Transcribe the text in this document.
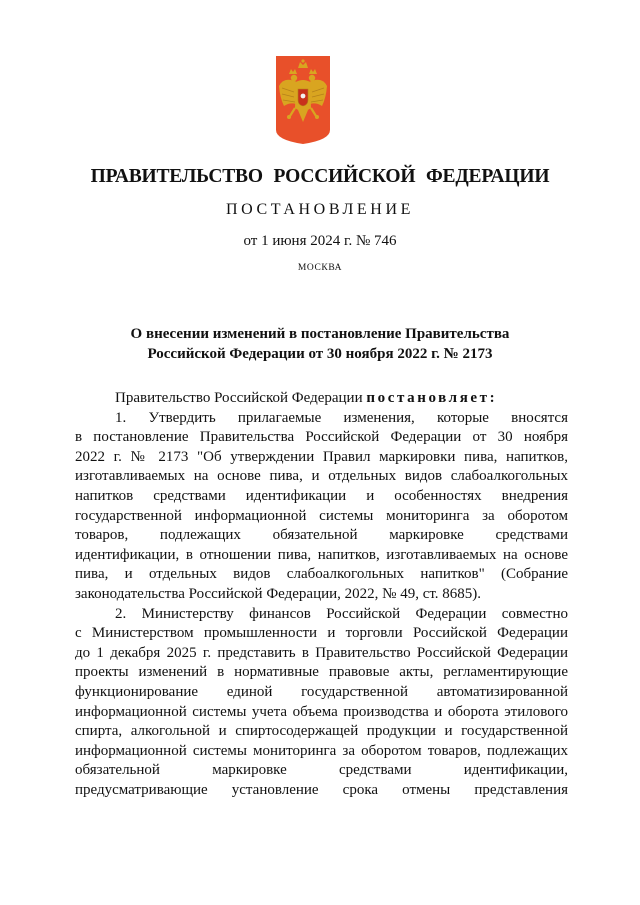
ПРАВИТЕЛЬСТВО РОССИЙСКОЙ ФЕДЕРАЦИИ
ПОСТАНОВЛЕНИЕ
от 1 июня 2024 г. № 746
МОСКВА
О внесении изменений в постановление Правительства
Российской Федерации от 30 ноября 2022 г. № 2173
Правительство Российской Федерации постановляет:
1. Утвердить прилагаемые изменения, которые вносятся
в постановление Правительства Российской Федерации от 30 ноября
2022 г. № 2173 "Об утверждении Правил маркировки пива, напитков,
изготавливаемых на основе пива, и отдельных видов слабоалкогольных
напитков средствами идентификации и особенностях внедрения
государственной информационной системы мониторинга за оборотом
товаров, подлежащих обязательной маркировке средствами
идентификации, в отношении пива, напитков, изготавливаемых на основе
пива, и отдельных видов слабоалкогольных напитков" (Собрание
законодательства Российской Федерации, 2022, № 49, ст. 8685).
2. Министерству финансов Российской Федерации совместно
с Министерством промышленности и торговли Российской Федерации
до 1 декабря 2025 г. представить в Правительство Российской Федерации
проекты изменений в нормативные правовые акты, регламентирующие
функционирование единой государственной автоматизированной
информационной системы учета объема производства и оборота этилового
спирта, алкогольной и спиртосодержащей продукции и государственной
информационной системы мониторинга за оборотом товаров, подлежащих
обязательной маркировке средствами идентификации,
предусматривающие установление срока отмены представления
